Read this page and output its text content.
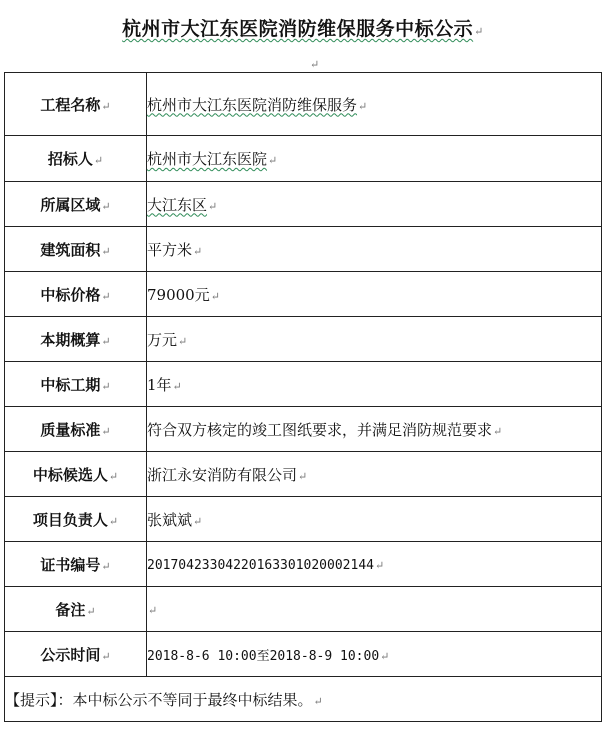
杭州市大江东医院消防维保服务中标公示↵
↵
工程名称↵	杭州市大江东医院消防维保服务↵
招标人↵	杭州市大江东医院↵
所属区域↵	大江东区↵
建筑面积↵	平方米↵
中标价格↵	79000元↵
本期概算↵	万元↵
中标工期↵	1年↵
质量标准↵	符合双方核定的竣工图纸要求，并满足消防规范要求↵
中标候选人↵	浙江永安消防有限公司↵
项目负责人↵	张斌斌↵
证书编号↵	20170423304220163301020002144↵
备注↵	↵
公示时间↵	2018-8-6 10:00至2018-8-9 10:00↵
【提示】：本中标公示不等同于最终中标结果。↵	
